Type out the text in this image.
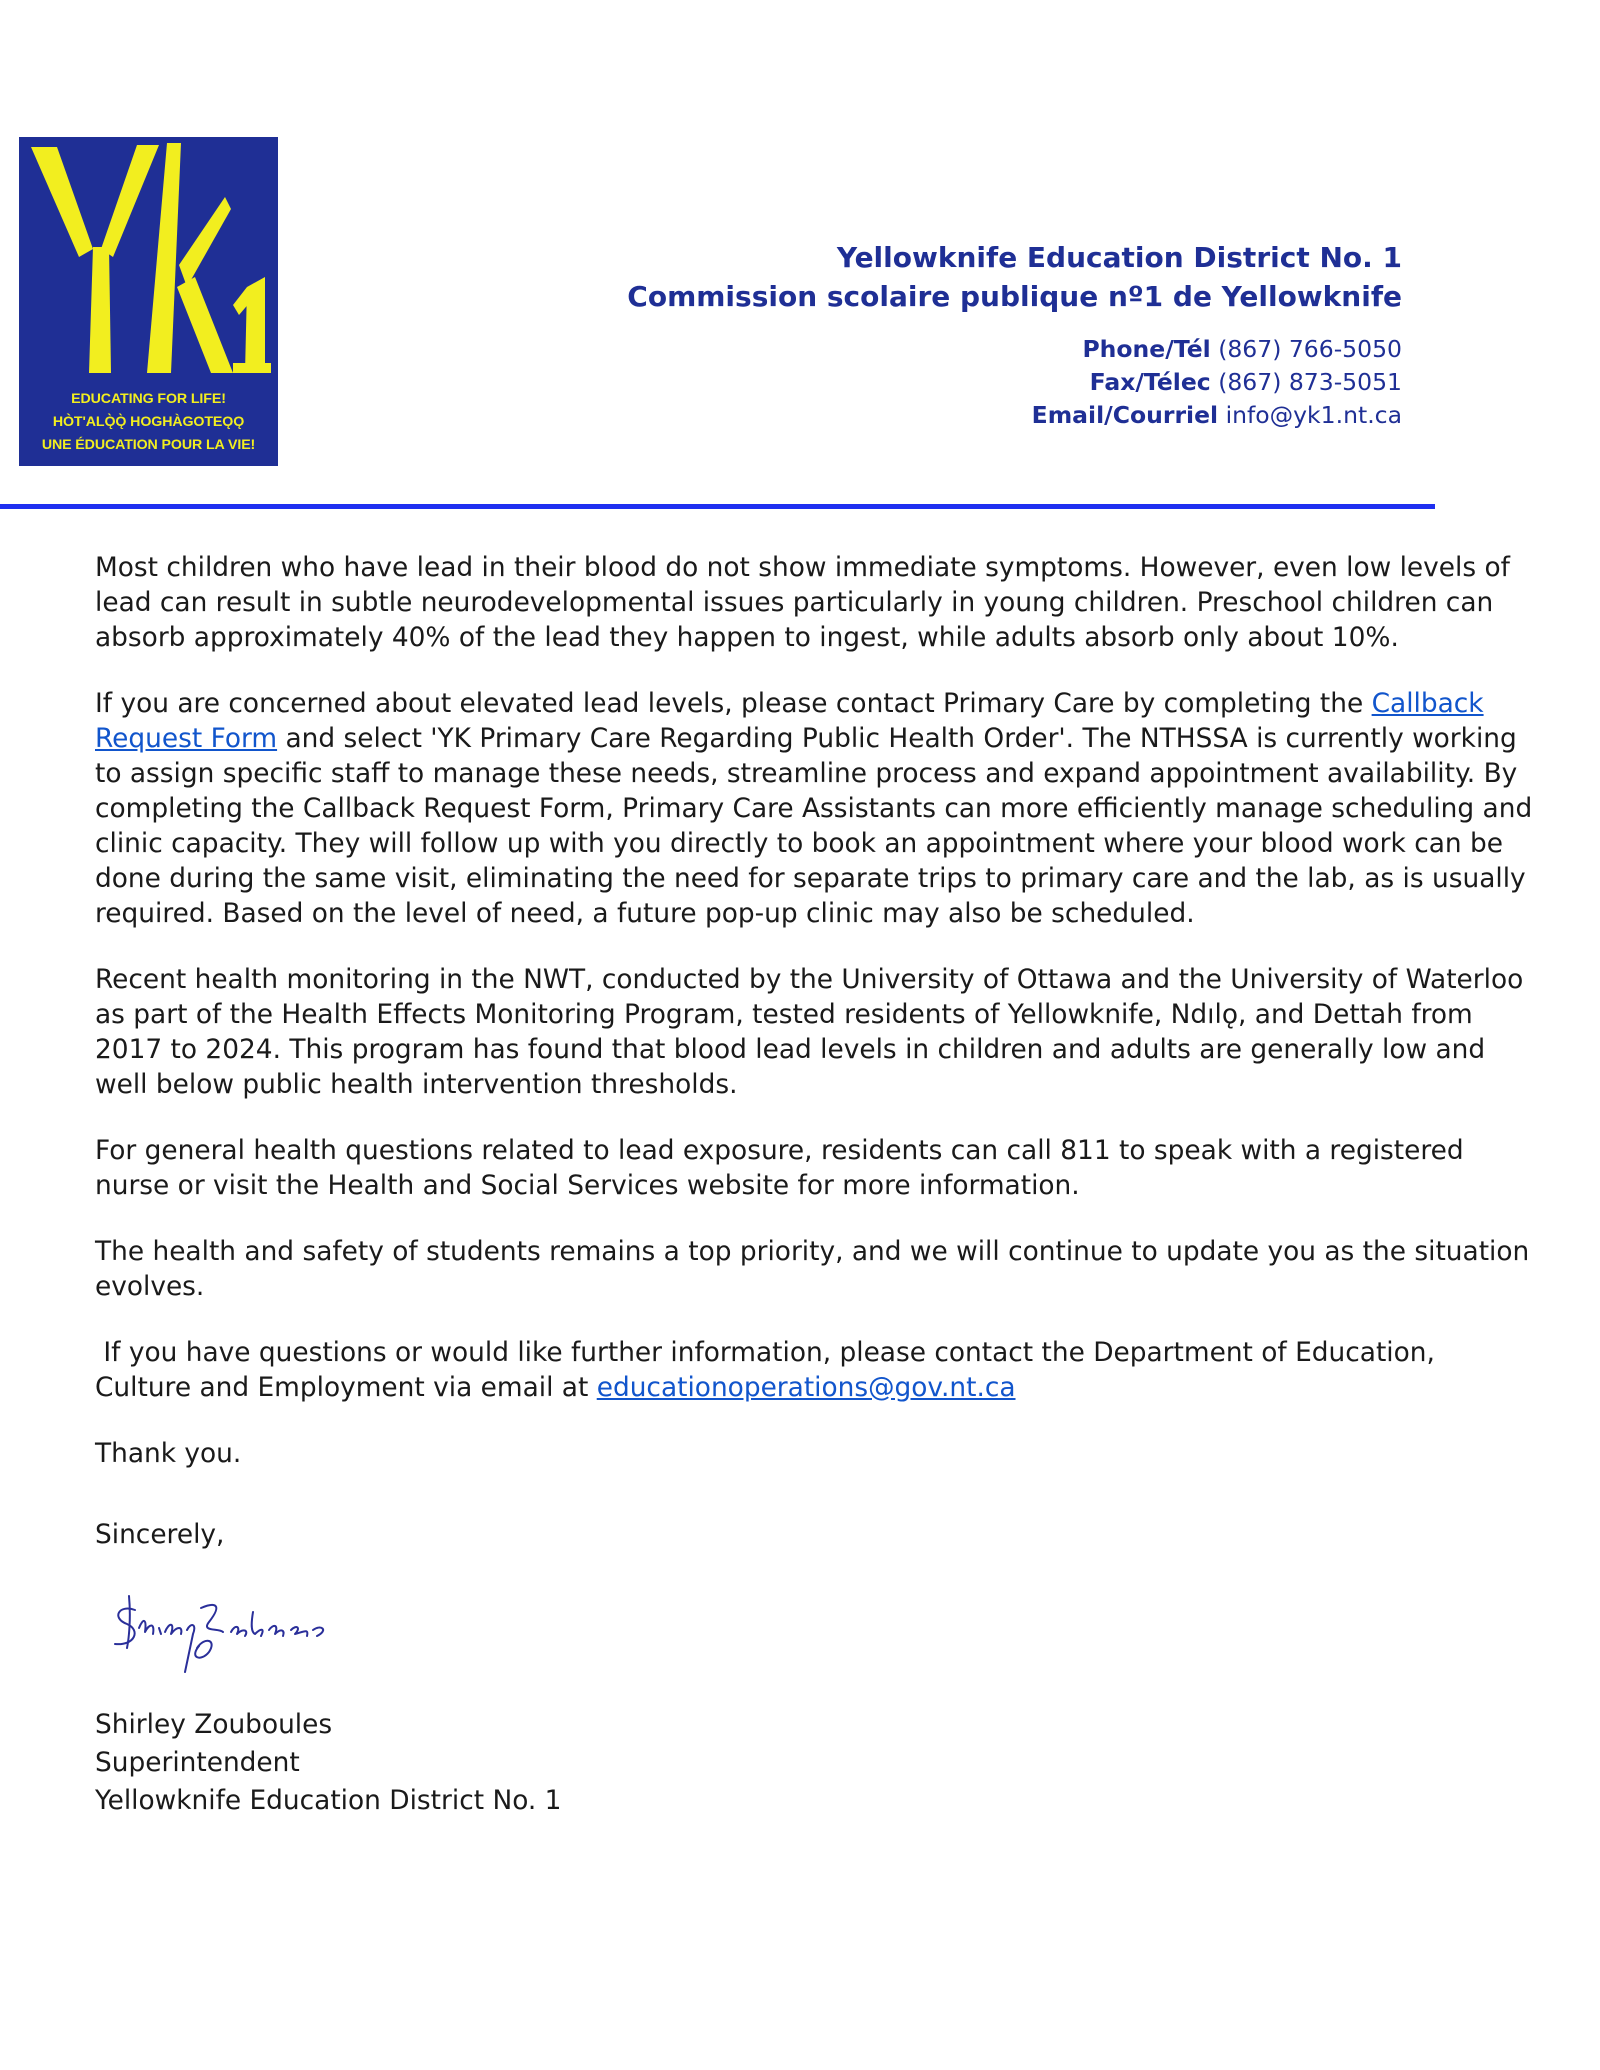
EDUCATING FOR LIFE!
HÒT'ALǪ̀Ǫ̀ HOGHÀGOTEǪǪ
UNE ÉDUCATION POUR LA VIE!
Yellowknife Education District No. 1
Commission scolaire publique nº1 de Yellowknife
Phone/Tél (867) 766-5050
Fax/Télec (867) 873-5051
Email/Courriel info@yk1.nt.ca

Most children who have lead in their blood do not show immediate symptoms. However, even low levels of lead can result in subtle neurodevelopmental issues particularly in young children. Preschool children can absorb approximately 40% of the lead they happen to ingest, while adults absorb only about 10%.

If you are concerned about elevated lead levels, please contact Primary Care by completing the Callback Request Form and select 'YK Primary Care Regarding Public Health Order'. The NTHSSA is currently working to assign specific staff to manage these needs, streamline process and expand appointment availability. By completing the Callback Request Form, Primary Care Assistants can more efficiently manage scheduling and clinic capacity. They will follow up with you directly to book an appointment where your blood work can be done during the same visit, eliminating the need for separate trips to primary care and the lab, as is usually required. Based on the level of need, a future pop-up clinic may also be scheduled.

Recent health monitoring in the NWT, conducted by the University of Ottawa and the University of Waterloo as part of the Health Effects Monitoring Program, tested residents of Yellowknife, Ndılǫ, and Dettah from 2017 to 2024. This program has found that blood lead levels in children and adults are generally low and well below public health intervention thresholds.

For general health questions related to lead exposure, residents can call 811 to speak with a registered nurse or visit the Health and Social Services website for more information.

The health and safety of students remains a top priority, and we will continue to update you as the situation evolves.

If you have questions or would like further information, please contact the Department of Education, Culture and Employment via email at educationoperations@gov.nt.ca

Thank you.

Sincerely,
Shirley Zouboules
Superintendent
Yellowknife Education District No. 1
